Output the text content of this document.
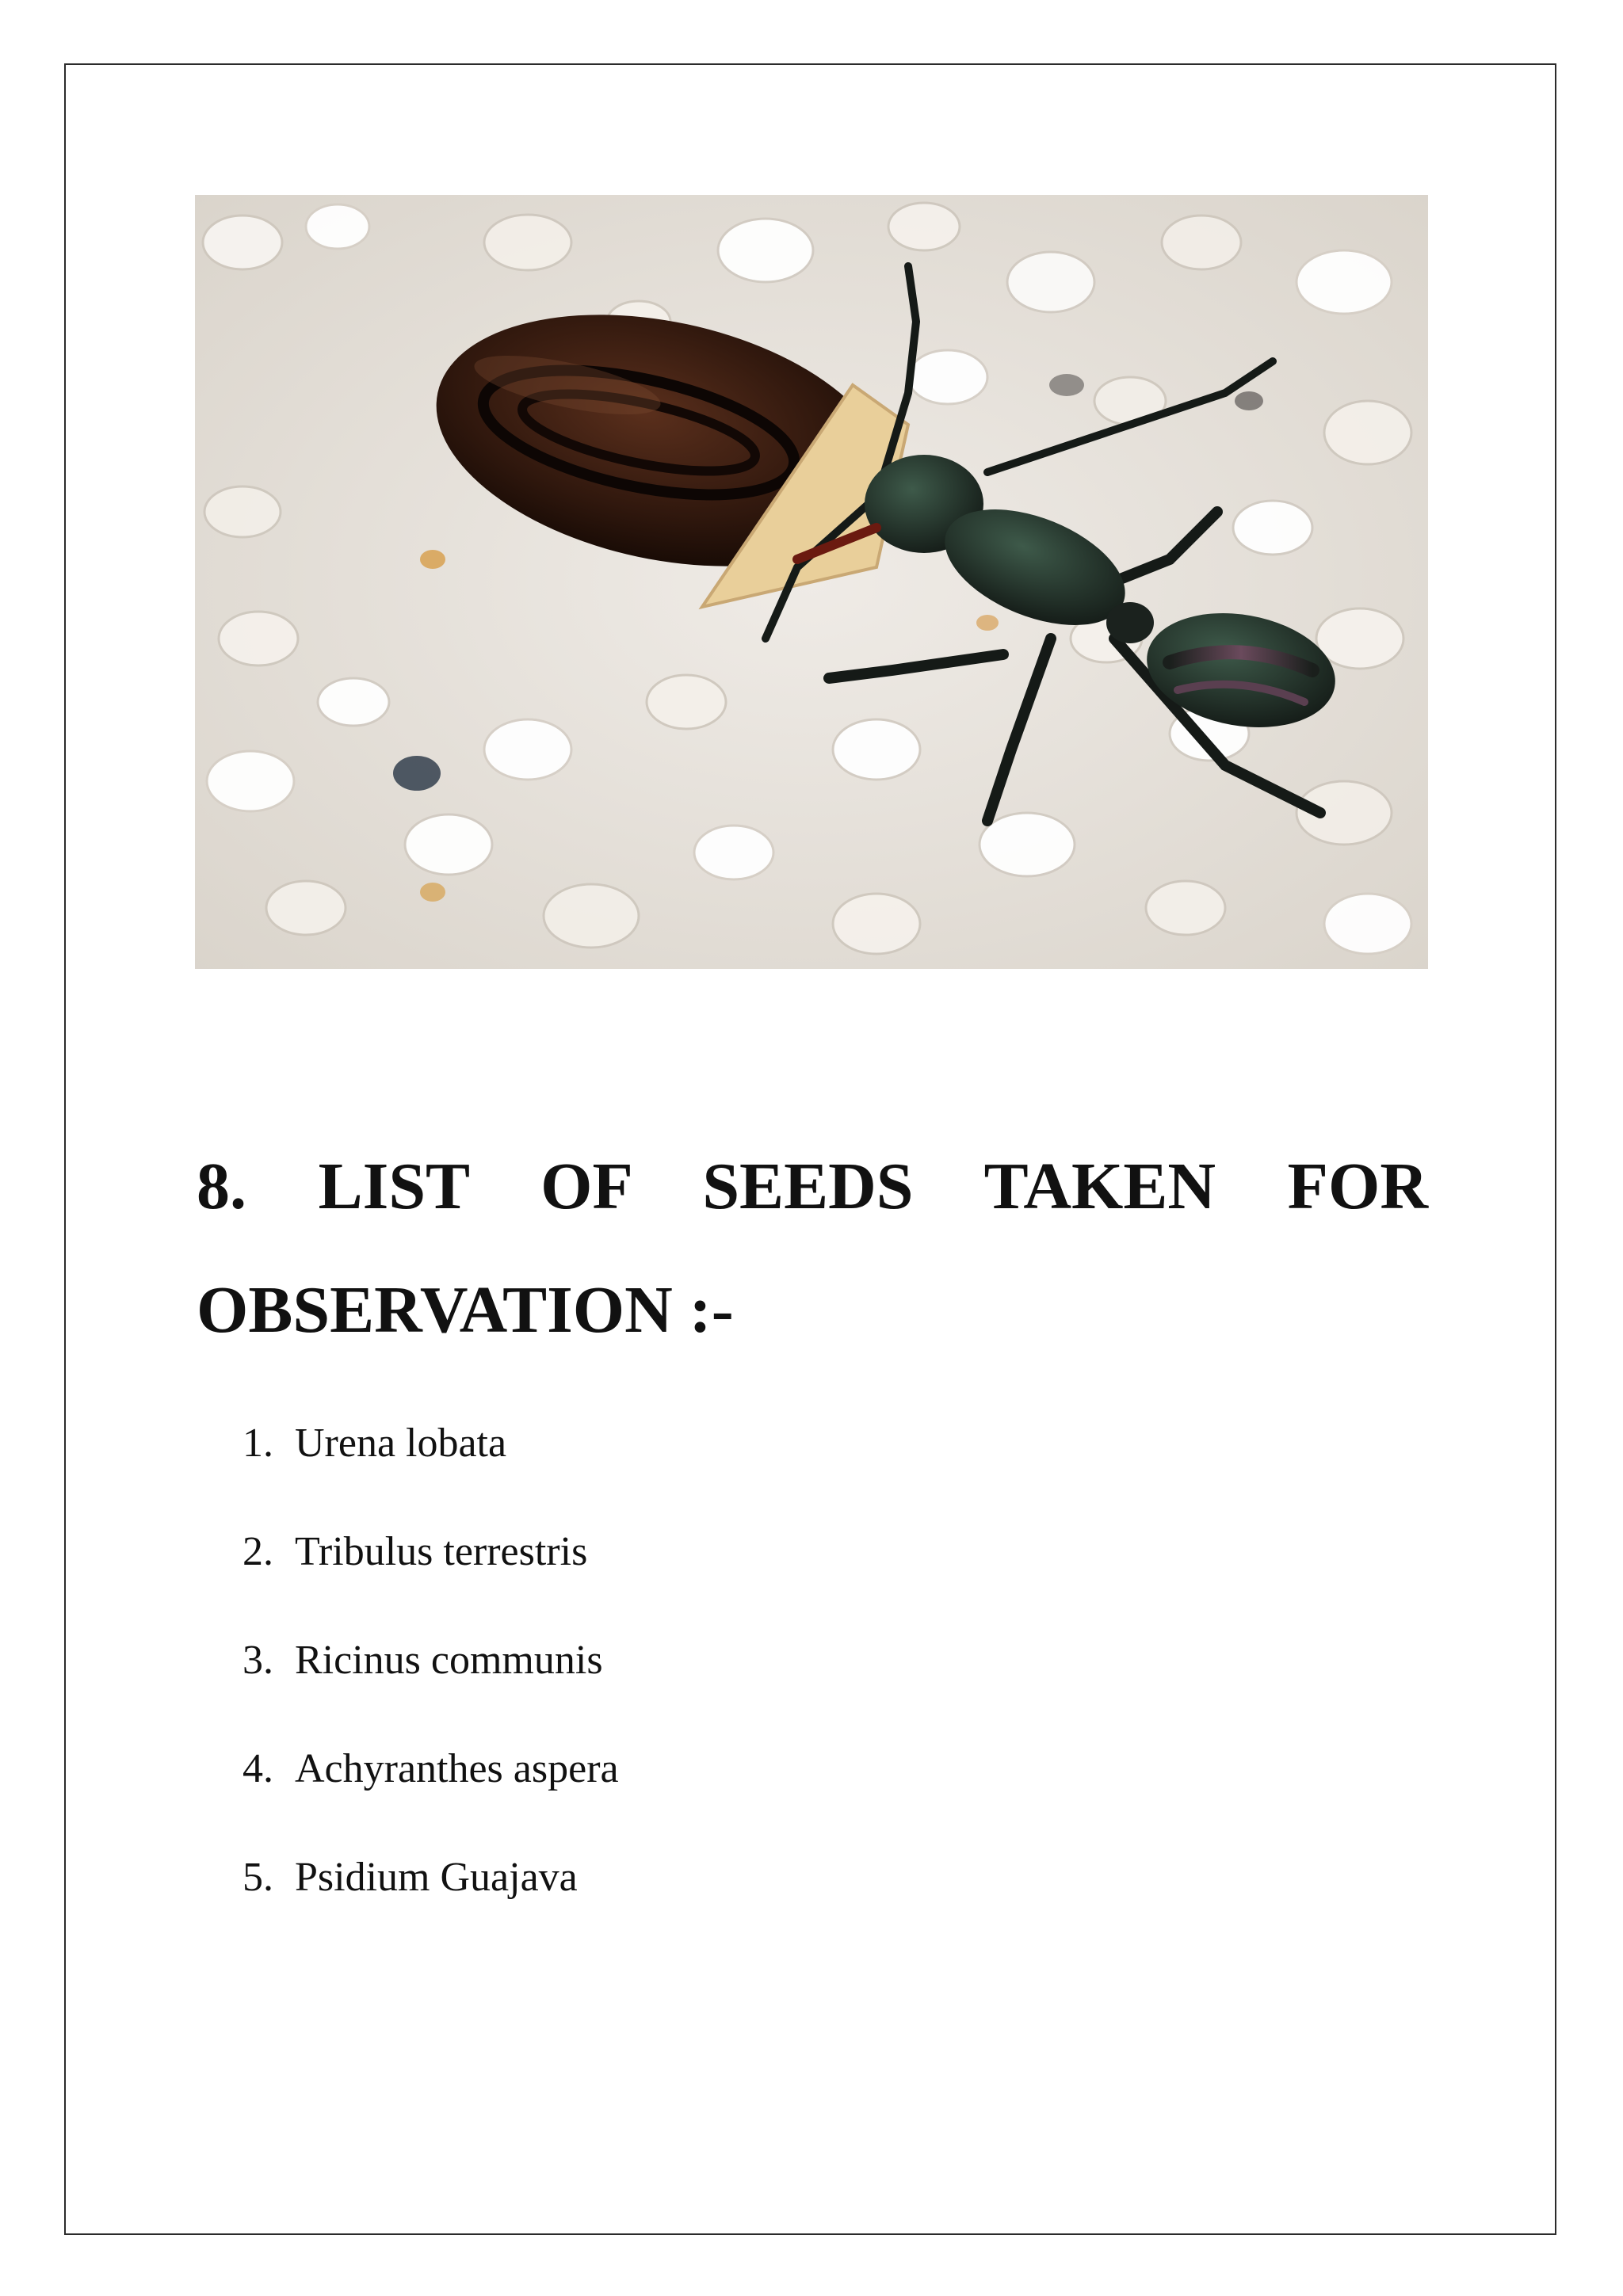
8. LIST OF SEEDS TAKEN FOR OBSERVATION :-
1. Urena lobata
2. Tribulus terrestris
3. Ricinus communis
4. Achyranthes aspera
5. Psidium Guajava
